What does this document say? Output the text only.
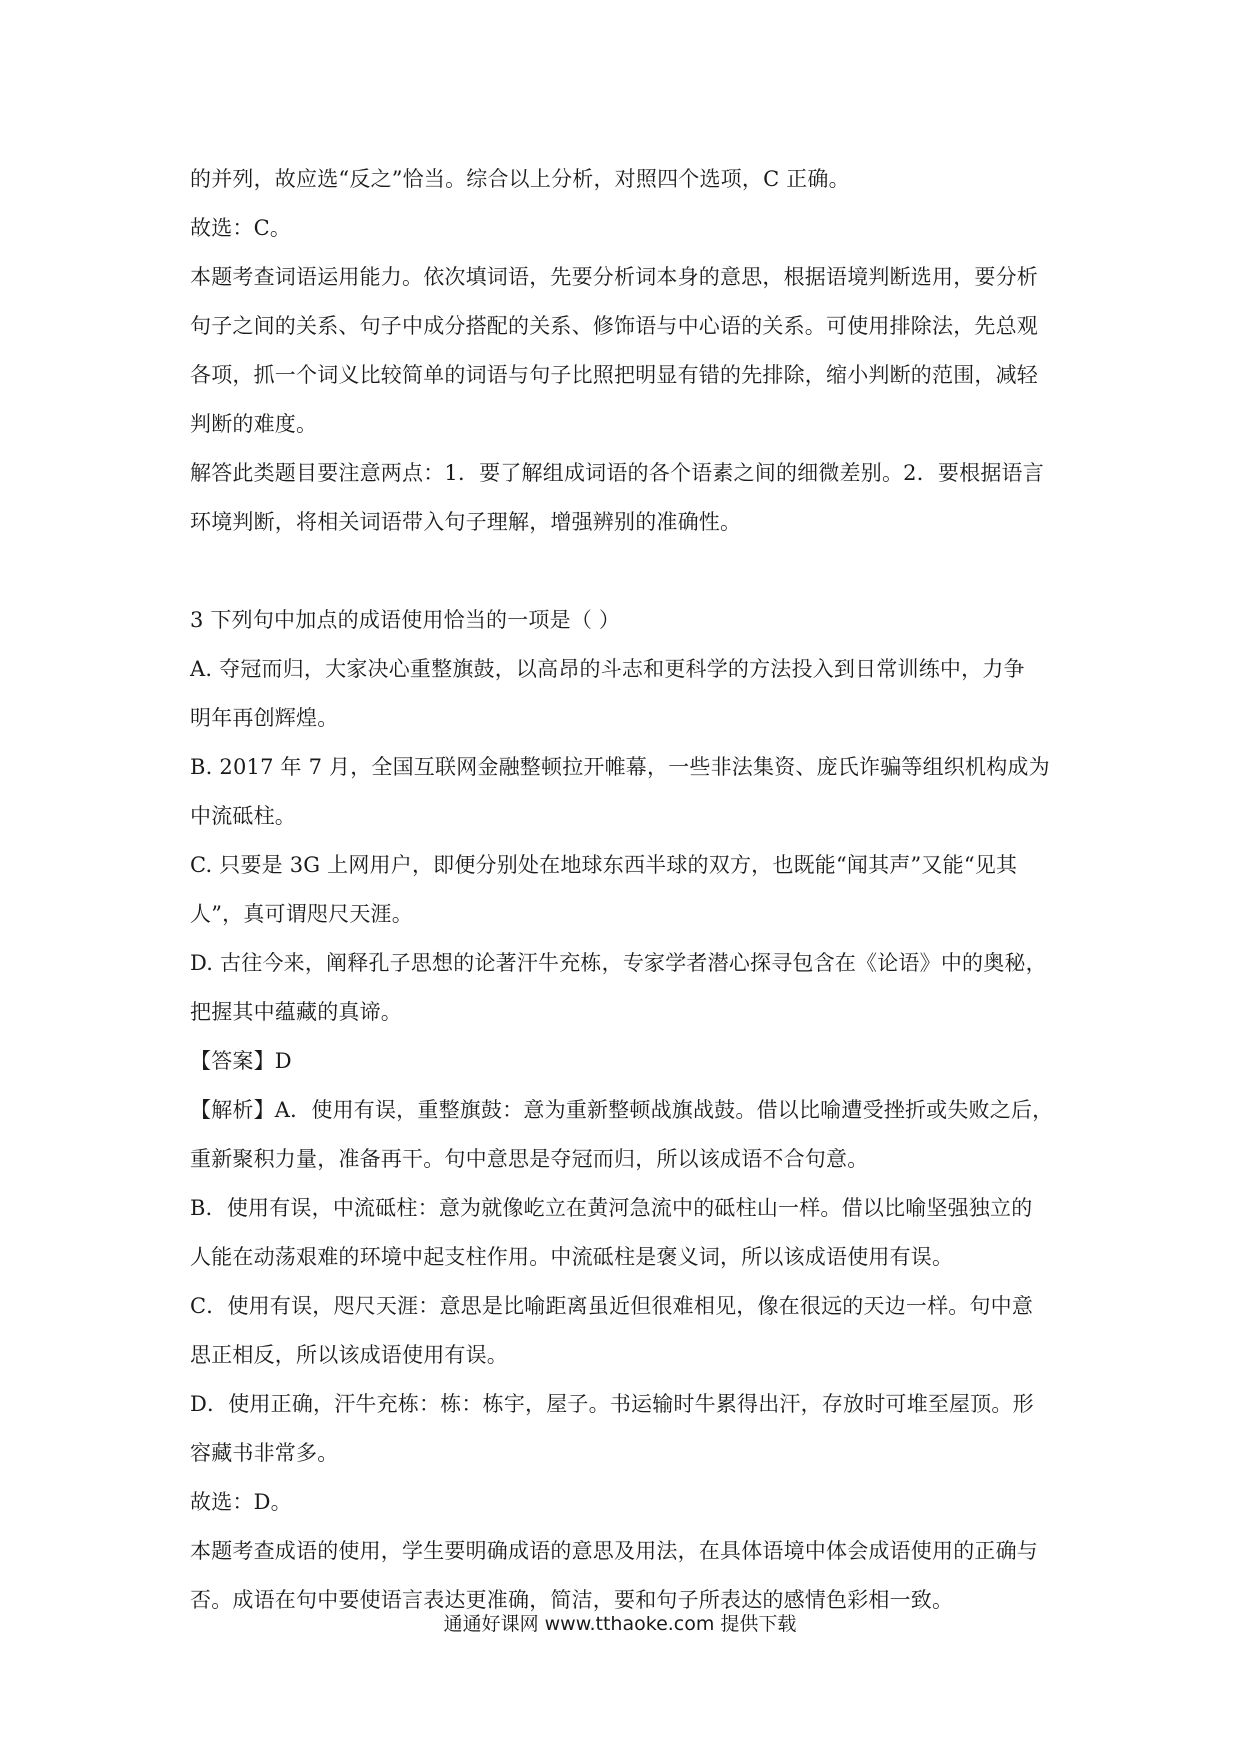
的并列，故应选“反之”恰当。综合以上分析，对照四个选项，C 正确。
故选：C。
本题考查词语运用能力。依次填词语，先要分析词本身的意思，根据语境判断选用，要分析
句子之间的关系、句子中成分搭配的关系、修饰语与中心语的关系。可使用排除法，先总观
各项，抓一个词义比较简单的词语与句子比照把明显有错的先排除，缩小判断的范围，减轻
判断的难度。
解答此类题目要注意两点：1．要了解组成词语的各个语素之间的细微差别。2．要根据语言
环境判断，将相关词语带入句子理解，增强辨别的准确性。
3 下列句中加点的成语使用恰当的一项是（ ）
A. 夺冠而归，大家决心重整旗鼓，以高昂的斗志和更科学的方法投入到日常训练中，力争
明年再创辉煌。
B. 2017 年 7 月，全国互联网金融整顿拉开帷幕，一些非法集资、庞氏诈骗等组织机构成为
中流砥柱。
C. 只要是 3G 上网用户，即便分别处在地球东西半球的双方，也既能“闻其声”又能“见其
人”，真可谓咫尺天涯。
D. 古往今来，阐释孔子思想的论著汗牛充栋，专家学者潜心探寻包含在《论语》中的奥秘，
把握其中蕴藏的真谛。
【答案】D
【解析】A．使用有误，重整旗鼓：意为重新整顿战旗战鼓。借以比喻遭受挫折或失败之后，
重新聚积力量，准备再干。句中意思是夺冠而归，所以该成语不合句意。
B．使用有误，中流砥柱：意为就像屹立在黄河急流中的砥柱山一样。借以比喻坚强独立的
人能在动荡艰难的环境中起支柱作用。中流砥柱是褒义词，所以该成语使用有误。
C．使用有误，咫尺天涯：意思是比喻距离虽近但很难相见，像在很远的天边一样。句中意
思正相反，所以该成语使用有误。
D．使用正确，汗牛充栋：栋：栋宇，屋子。书运输时牛累得出汗，存放时可堆至屋顶。形
容藏书非常多。
故选：D。
本题考查成语的使用，学生要明确成语的意思及用法，在具体语境中体会成语使用的正确与
否。成语在句中要使语言表达更准确，简洁，要和句子所表达的感情色彩相一致。
通通好课网 www.tthaoke.com 提供下载
